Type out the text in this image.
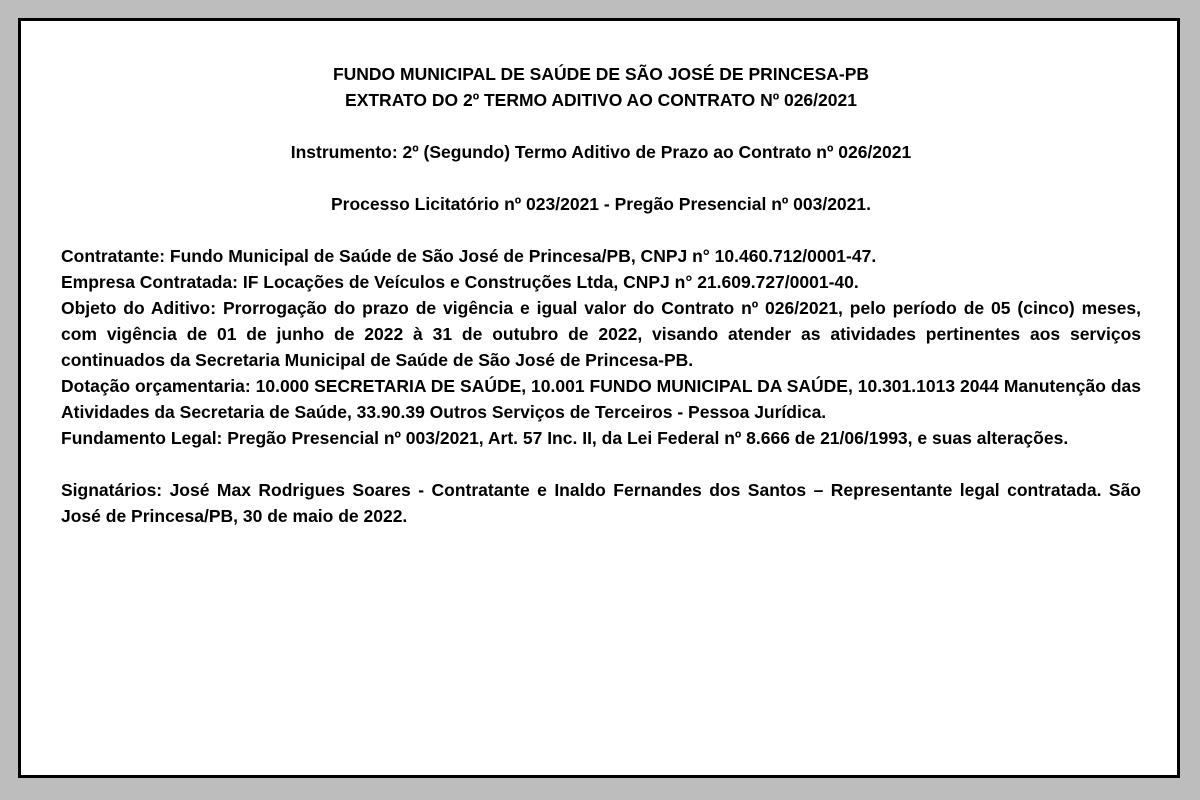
FUNDO MUNICIPAL DE SAÚDE DE SÃO JOSÉ DE PRINCESA-PB

EXTRATO DO 2º TERMO ADITIVO AO CONTRATO Nº 026/2021

Instrumento: 2º (Segundo) Termo Aditivo de Prazo ao Contrato nº 026/2021

Processo Licitatório nº 023/2021 - Pregão Presencial nº 003/2021.

Contratante: Fundo Municipal de Saúde de São José de Princesa/PB, CNPJ n° 10.460.712/0001-47.

Empresa Contratada: IF Locações de Veículos e Construções Ltda, CNPJ n° 21.609.727/0001-40.

Objeto do Aditivo: Prorrogação do prazo de vigência e igual valor do Contrato nº 026/2021, pelo período de 05 (cinco) meses, com vigência de 01 de junho de 2022 à 31 de outubro de 2022, visando atender as atividades pertinentes aos serviços continuados da Secretaria Municipal de Saúde de São José de Princesa-PB.

Dotação orçamentaria: 10.000 SECRETARIA DE SAÚDE, 10.001 FUNDO MUNICIPAL DA SAÚDE, 10.301.1013 2044 Manutenção das Atividades da Secretaria de Saúde, 33.90.39 Outros Serviços de Terceiros - Pessoa Jurídica.

Fundamento Legal: Pregão Presencial nº 003/2021, Art. 57 Inc. II, da Lei Federal nº 8.666 de 21/06/1993, e suas alterações.

Signatários: José Max Rodrigues Soares - Contratante e Inaldo Fernandes dos Santos – Representante legal contratada. São José de Princesa/PB, 30 de maio de 2022.
